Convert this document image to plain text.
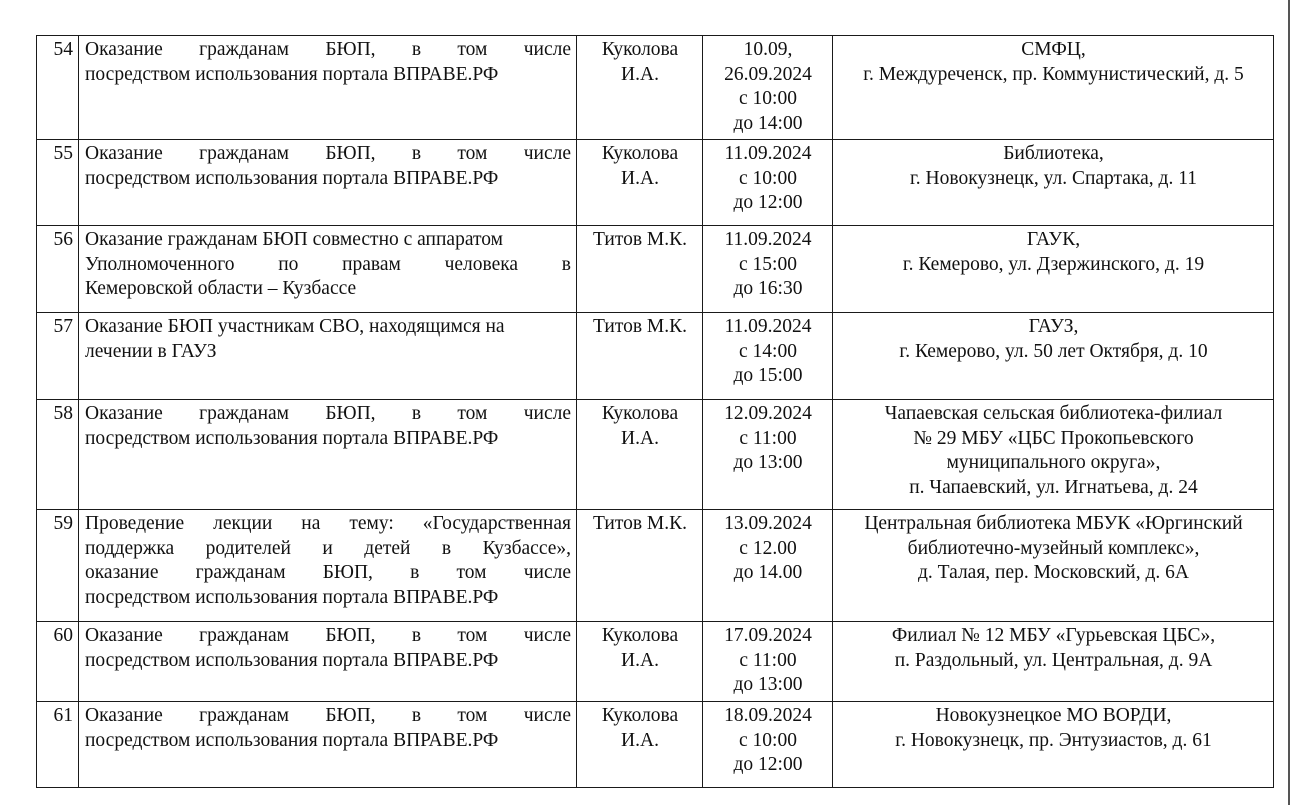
54	Оказание гражданам БЮП, в том числе
посредством использования портала ВПРАВЕ.РФ	Куколова
И.А.	10.09,
26.09.2024
с 10:00
до 14:00	СМФЦ,
г. Междуреченск, пр. Коммунистический, д. 5

55	Оказание гражданам БЮП, в том числе
посредством использования портала ВПРАВЕ.РФ	Куколова
И.А.	11.09.2024
с 10:00
до 12:00	Библиотека,
г. Новокузнецк, ул. Спартака, д. 11

56	Оказание гражданам БЮП совместно с аппаратом
Уполномоченного по правам человека в
Кемеровской области – Кузбассе	Титов М.К.	11.09.2024
с 15:00
до 16:30	ГАУК,
г. Кемерово, ул. Дзержинского, д. 19

57	Оказание БЮП участникам СВО, находящимся на
лечении в ГАУЗ	Титов М.К.	11.09.2024
с 14:00
до 15:00	ГАУЗ,
г. Кемерово, ул. 50 лет Октября, д. 10

58	Оказание гражданам БЮП, в том числе
посредством использования портала ВПРАВЕ.РФ	Куколова
И.А.	12.09.2024
с 11:00
до 13:00	Чапаевская сельская библиотека-филиал
№ 29 МБУ «ЦБС Прокопьевского
муниципального округа»,
п. Чапаевский, ул. Игнатьева, д. 24

59	Проведение лекции на тему: «Государственная
поддержка родителей и детей в Кузбассе»,
оказание гражданам БЮП, в том числе
посредством использования портала ВПРАВЕ.РФ	Титов М.К.	13.09.2024
с 12.00
до 14.00	Центральная библиотека МБУК «Юргинский
библиотечно-музейный комплекс»,
д. Талая, пер. Московский, д. 6А

60	Оказание гражданам БЮП, в том числе
посредством использования портала ВПРАВЕ.РФ	Куколова
И.А.	17.09.2024
с 11:00
до 13:00	Филиал № 12 МБУ «Гурьевская ЦБС»,
п. Раздольный, ул. Центральная, д. 9А

61	Оказание гражданам БЮП, в том числе
посредством использования портала ВПРАВЕ.РФ	Куколова
И.А.	18.09.2024
с 10:00
до 12:00	Новокузнецкое МО ВОРДИ,
г. Новокузнецк, пр. Энтузиастов, д. 61
